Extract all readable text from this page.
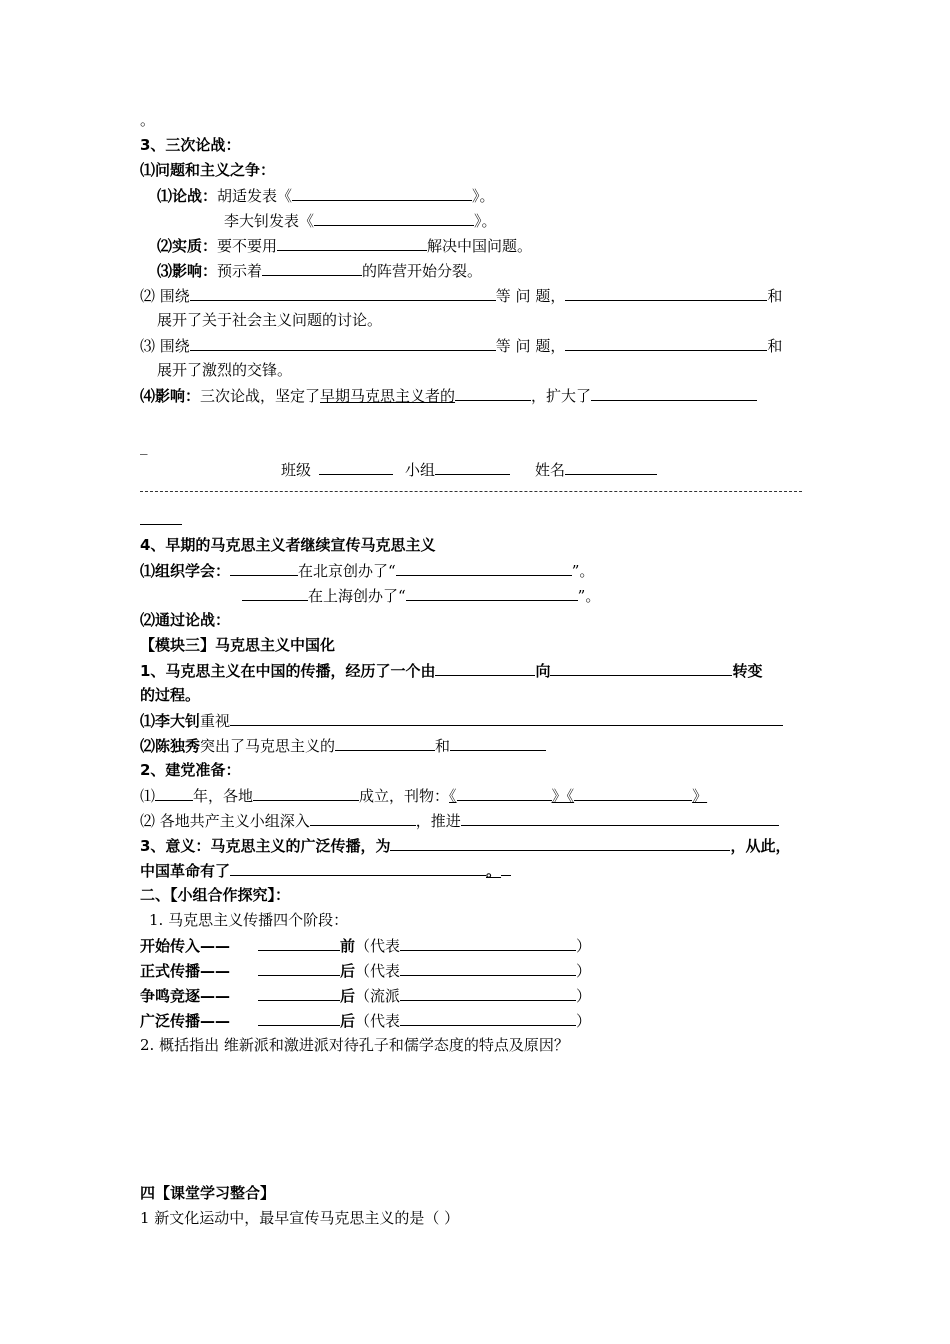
。
3、三次论战：
⑴问题和主义之争：
⑴论战：胡适发表《	》。
李大钊发表《	》。
⑵实质：要不要用	解决中国问题。
⑶影响：预示着	的阵营开始分裂。
⑵ 围绕	等 问 题，	和
展开了关于社会主义问题的讨论。
⑶ 围绕	等 问 题，	和
展开了激烈的交锋。
⑷影响：三次论战，坚定了早期马克思主义者的	，扩大了
_
班级	小组	姓名
4、早期的马克思主义者继续宣传马克思主义
⑴组织学会：	在北京创办了“	”。
在上海创办了“	”。
⑵通过论战：
【模块三】马克思主义中国化
1、马克思主义在中国的传播，经历了一个由	向	转变
的过程。
⑴李大钊重视
⑵陈独秀突出了马克思主义的	和
2、建党准备：
⑴	年，各地	成立，刊物：《	》《	》
⑵ 各地共产主义小组深入	，推进
3、意义：马克思主义的广泛传播，为	，从此，
中国革命有了	。
二、【小组合作探究】：
1. 马克思主义传播四个阶段：
开始传入——	前（代表	）
正式传播——	后（代表	）
争鸣竞逐——	后（流派	）
广泛传播——	后（代表	）
2. 概括指出 维新派和激进派对待孔子和儒学态度的特点及原因？
四【课堂学习整合】
1 新文化运动中，最早宣传马克思主义的是（ ）
